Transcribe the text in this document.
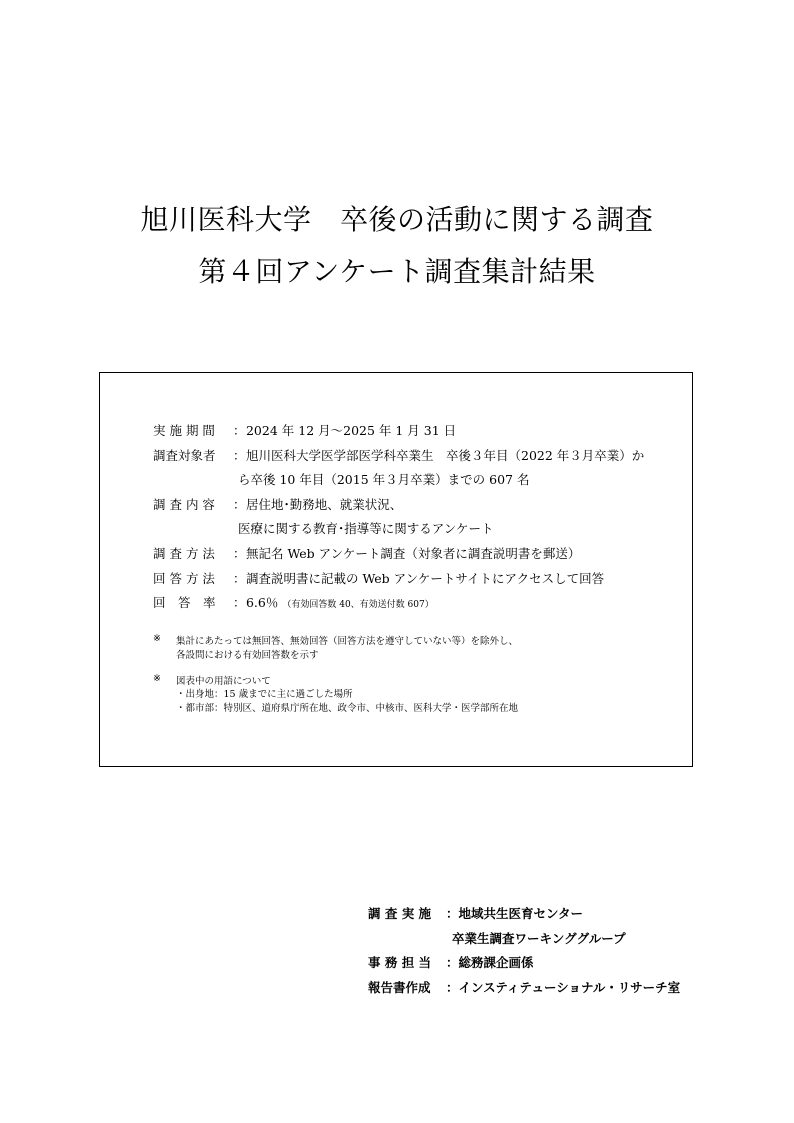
旭川医科大学　卒後の活動に関する調査
第４回アンケート調査集計結果
実 施 期 間 ： 2024 年 12 月～2025 年 1 月 31 日
調査対象者 ： 旭川医科大学医学部医学科卒業生　卒後３年目（2022 年３月卒業）か
ら卒後 10 年目（2015 年３月卒業）までの 607 名
調 査 内 容 ： 居住地･勤務地、就業状況、
医療に関する教育･指導等に関するアンケート
調 査 方 法 ： 無記名 Web アンケート調査（対象者に調査説明書を郵送）
回 答 方 法 ： 調査説明書に記載の Web アンケートサイトにアクセスして回答
回　答　率 ： 6.6％ （有効回答数 40、有効送付数 607）
※ 集計にあたっては無回答、無効回答（回答方法を遵守していない等）を除外し、
各設問における有効回答数を示す
※ 図表中の用語について
・出身地：15 歳までに主に過ごした場所
・都市部：特別区、道府県庁所在地、政令市、中核市、医科大学・医学部所在地
調 査 実 施 ：地域共生医育センター
卒業生調査ワーキンググループ
事 務 担 当 ：総務課企画係
報告書作成 ：インスティテューショナル・リサーチ室
